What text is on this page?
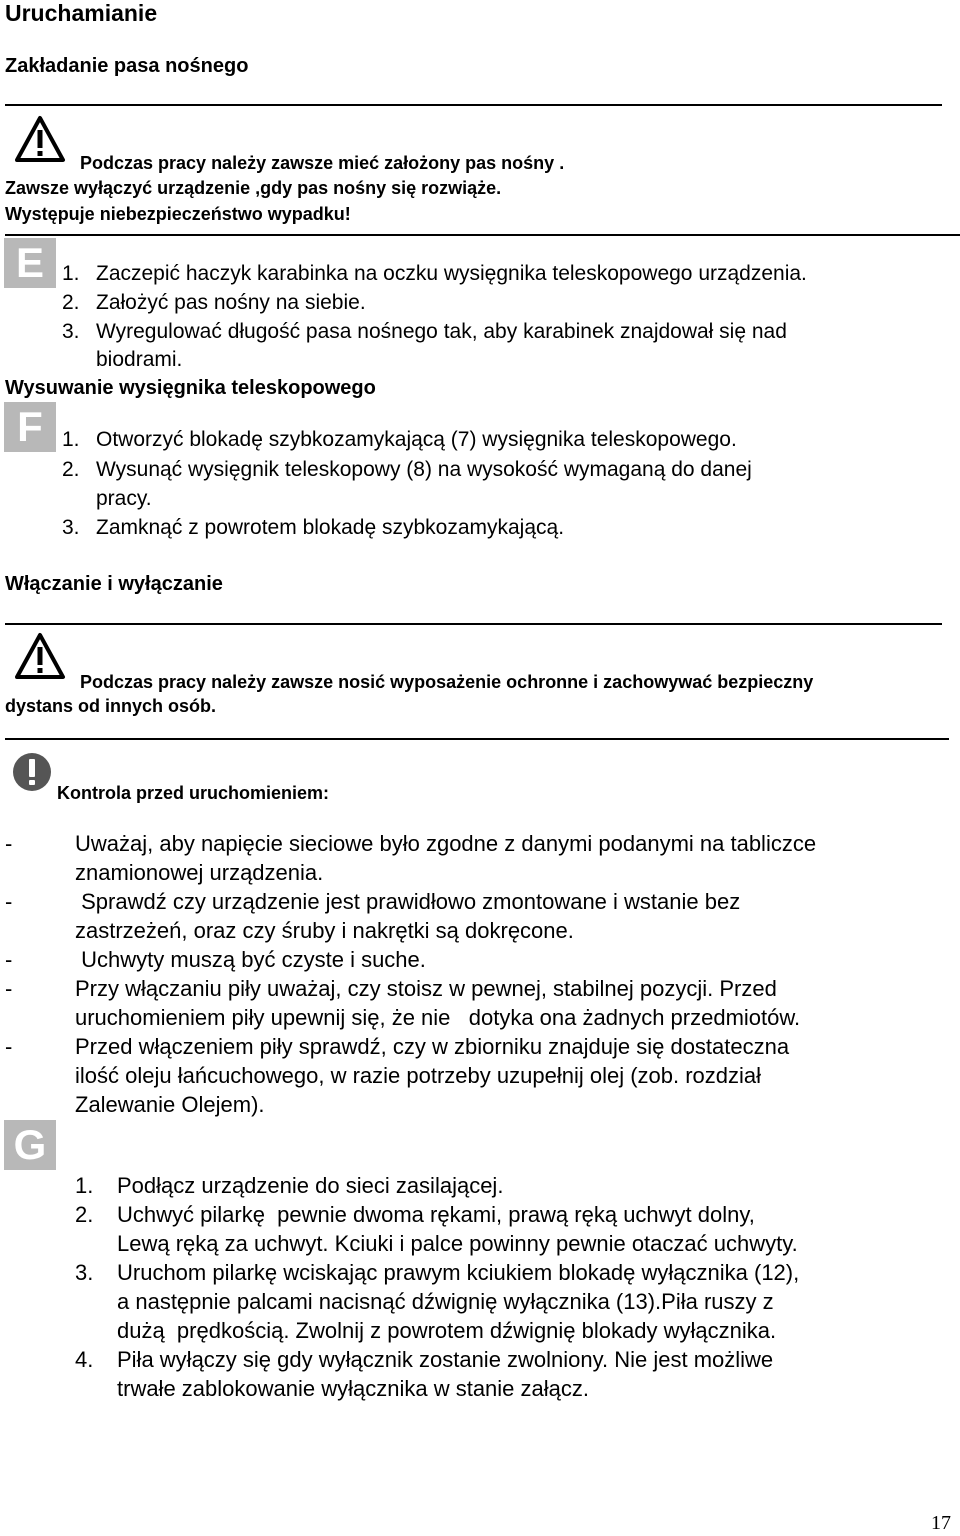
Uruchamianie
Zakładanie pasa nośnego
Podczas pracy należy zawsze mieć założony pas nośny .
Zawsze wyłączyć urządzenie ,gdy pas nośny się rozwiąże.
Występuje niebezpieczeństwo wypadku!
E 1. Zaczepić haczyk karabinka na oczku wysięgnika teleskopowego urządzenia.
2. Założyć pas nośny na siebie.
3. Wyregulować długość pasa nośnego tak, aby karabinek znajdował się nad
biodrami.
Wysuwanie wysięgnika teleskopowego
F 1. Otworzyć blokadę szybkozamykającą (7) wysięgnika teleskopowego.
2. Wysunąć wysięgnik teleskopowy (8) na wysokość wymaganą do danej
pracy.
3. Zamknąć z powrotem blokadę szybkozamykającą.
Włączanie i wyłączanie
Podczas pracy należy zawsze nosić wyposażenie ochronne i zachowywać bezpieczny
dystans od innych osób.
Kontrola przed uruchomieniem:
-	Uważaj, aby napięcie sieciowe było zgodne z danymi podanymi na tabliczce
znamionowej urządzenia.
-	Sprawdź czy urządzenie jest prawidłowo zmontowane i wstanie bez
zastrzeżeń, oraz czy śruby i nakrętki są dokręcone.
-	Uchwyty muszą być czyste i suche.
-	Przy włączaniu piły uważaj, czy stoisz w pewnej, stabilnej pozycji. Przed
uruchomieniem piły upewnij się, że nie   dotyka ona żadnych przedmiotów.
-	Przed włączeniem piły sprawdź, czy w zbiorniku znajduje się dostateczna
ilość oleju łańcuchowego, w razie potrzeby uzupełnij olej (zob. rozdział
Zalewanie Olejem).
G
1. Podłącz urządzenie do sieci zasilającej.
2. Uchwyć pilarkę  pewnie dwoma rękami, prawą ręką uchwyt dolny,
Lewą ręką za uchwyt. Kciuki i palce powinny pewnie otaczać uchwyty.
3. Uruchom pilarkę wciskając prawym kciukiem blokadę wyłącznika (12),
a następnie palcami nacisnąć dźwignię wyłącznika (13).Piła ruszy z
dużą  prędkością. Zwolnij z powrotem dźwignię blokady wyłącznika.
4. Piła wyłączy się gdy wyłącznik zostanie zwolniony. Nie jest możliwe
trwałe zablokowanie wyłącznika w stanie załącz.
17
